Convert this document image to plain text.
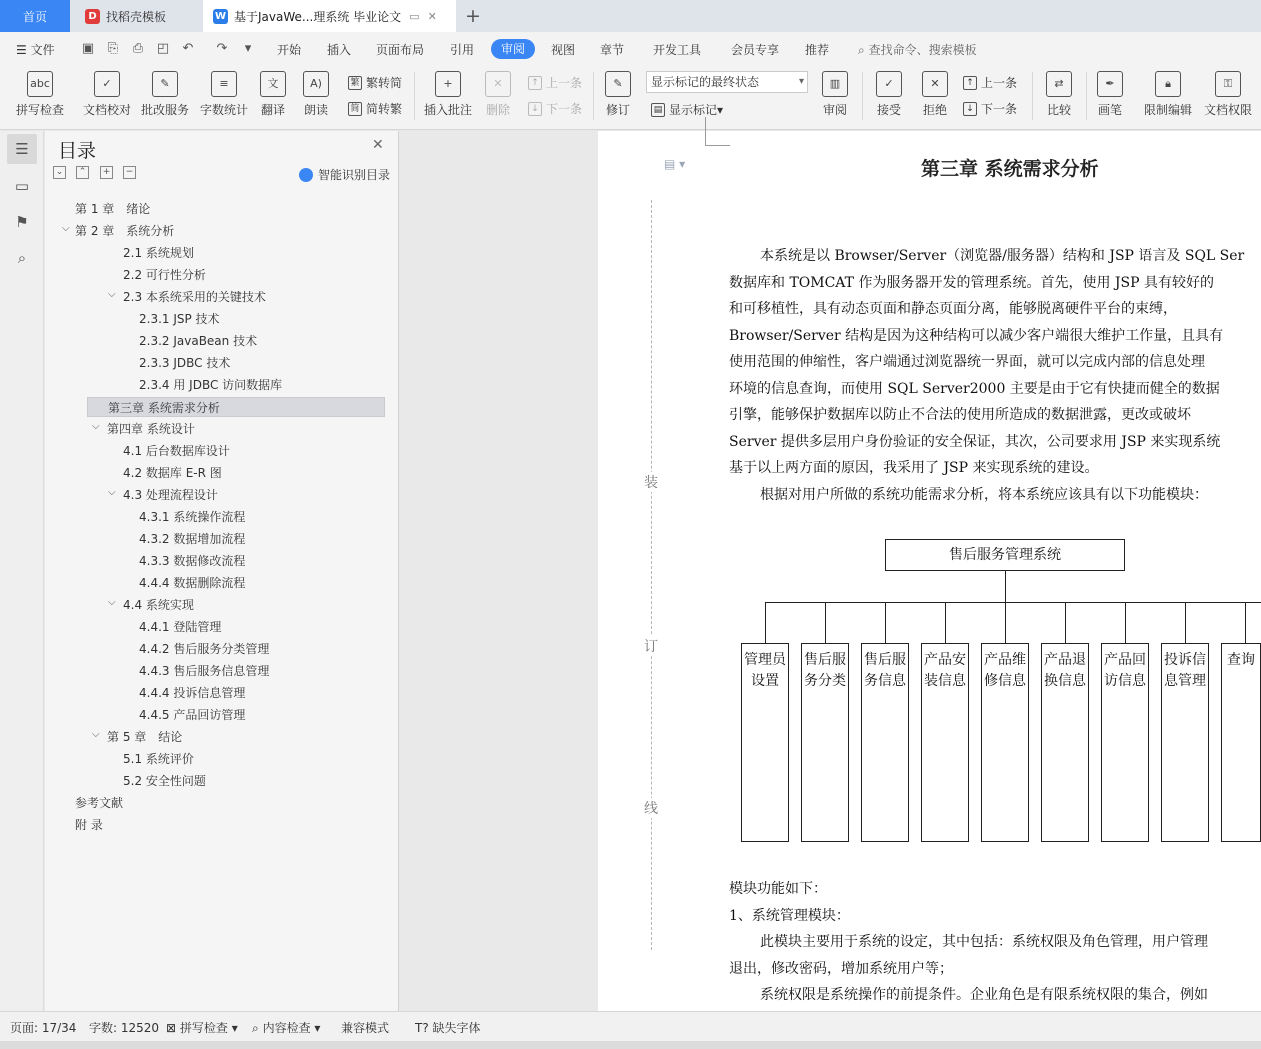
首页	D 找稻壳模板	W 基于JavaWe...理系统 毕业论文 ▭ ✕ +
☰ 文件 ▣ ⎘ ⎙ ◰ ↶ ↷	▾	开始 插入 页面布局 引用	审阅	视图 章节 开发工具 会员专享 推荐 ⌕ 查找命令、搜索模板
abc
拼写检查
✓
文档校对
✎
批改服务
≡
字数统计
文
翻译
A)
朗读
繁 繁转简
简 简转繁
+
插入批注
✕
删除
↑ 上一条
↓ 下一条
✎
修订	▤ 显示标记 ▾
▥
审阅
✓
接受
✕
拒绝
↑ 上一条
↓ 下一条
⇄
比较
✒
画笔
🔒︎
限制编辑
⚿
文档权限
显示标记的最终状态 ▾
☰
▭
⚑
⌕
目录	✕
⌄	⌃	+	−	智能识别目录
第 1 章　绪论
第 2 章　系统分析
⌵
2.1 系统规划
2.2 可行性分析
2.3 本系统采用的关键技术
⌵
2.3.1 JSP 技术
2.3.2 JavaBean 技术
2.3.3 JDBC 技术
2.3.4 用 JDBC 访问数据库
第三章 系统需求分析
第四章 系统设计
⌵
4.1 后台数据库设计
4.2 数据库 E-R 图
4.3 处理流程设计
⌵
4.3.1 系统操作流程
4.3.2 数据增加流程
4.3.3 数据修改流程
4.4.4 数据删除流程
4.4 系统实现
⌵
4.4.1 登陆管理
4.4.2 售后服务分类管理
4.4.3 售后服务信息管理
4.4.4 投诉信息管理
4.4.5 产品回访管理
第 5 章　结论
⌵
5.1 系统评价
5.2 安全性问题
参考文献
附 录
▤ ▾
装
订
线
第三章 系统需求分析
本系统是以 Browser/Server（浏览器/服务器）结构和 JSP 语言及 SQL Ser
数据库和 TOMCAT 作为服务器开发的管理系统。首先，使用 JSP 具有较好的
和可移植性，具有动态页面和静态页面分离，能够脱离硬件平台的束缚，
Browser/Server 结构是因为这种结构可以减少客户端很大维护工作量，且具有
使用范围的伸缩性，客户端通过浏览器统一界面，就可以完成内部的信息处理
环境的信息查询，而使用 SQL Server2000 主要是由于它有快捷而健全的数据
引擎，能够保护数据库以防止不合法的使用所造成的数据泄露，更改或破坏
Server 提供多层用户身份验证的安全保证，其次，公司要求用 JSP 来实现系统
基于以上两方面的原因，我采用了 JSP 来实现系统的建设。
根据对用户所做的系统功能需求分析，将本系统应该具有以下功能模块：
售后服务管理系统
管理员设置
售后服务分类
售后服务信息
产品安装信息
产品维修信息
产品退换信息
产品回访信息
投诉信息管理
查询
模块功能如下：
1、系统管理模块：
此模块主要用于系统的设定，其中包括：系统权限及角色管理，用户管理
退出，修改密码，增加系统用户等；
系统权限是系统操作的前提条件。企业角色是有限系统权限的集合，例如
页面: 17/34 字数: 12520 ⊠ 拼写检查 ▾ ⌕ 内容检查 ▾ 兼容模式 T? 缺失字体
